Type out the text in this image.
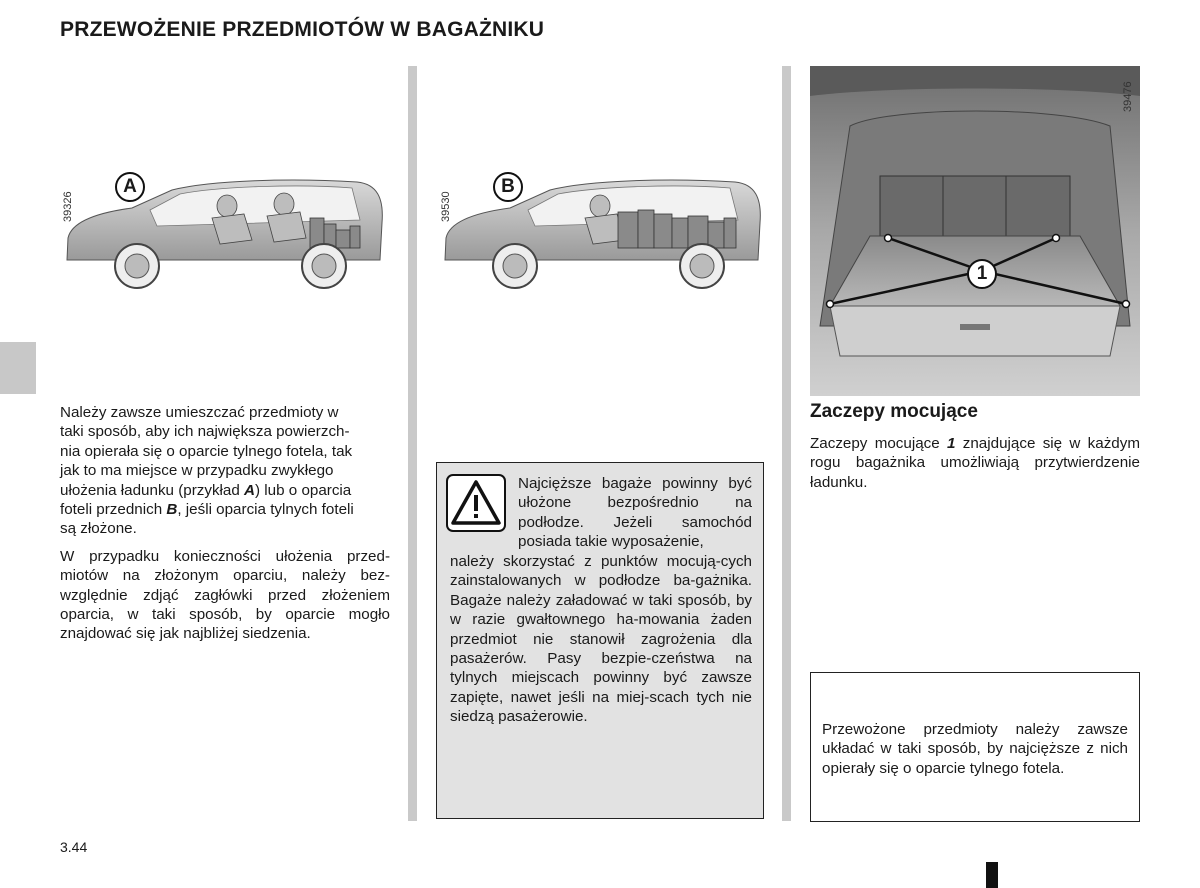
PRZEWOŻENIE PRZEDMIOTÓW W BAGAŻNIKU
39326
A
39530
B
1
39476

Należy zawsze umieszczać przedmioty w
taki sposób, aby ich największa powierzch-
nia opierała się o oparcie tylnego fotela, tak
jak to ma miejsce w przypadku zwykłego
ułożenia ładunku (przykład A) lub o oparcia
foteli przednich B, jeśli oparcia tylnych foteli
są złożone.

W przypadku konieczności ułożenia przed-miotów na złożonym oparciu, należy bez-względnie zdjąć zagłówki przed złożeniem oparcia, w taki sposób, by oparcie mogło znajdować się jak najbliżej siedzenia.

Najcięższe bagaże powinny być ułożone bezpośrednio na podłodze. Jeżeli samochód posiada takie wyposażenie,

należy skorzystać z punktów mocują-cych zainstalowanych w podłodze ba-gażnika. Bagaże należy załadować w taki sposób, by w razie gwałtownego ha-mowania żaden przedmiot nie stanowił zagrożenia dla pasażerów. Pasy bezpie-czeństwa na tylnych miejscach powinny być zawsze zapięte, nawet jeśli na miej-scach tych nie siedzą pasażerowie.

Zaczepy mocujące

Zaczepy mocujące 1 znajdujące się w każdym rogu bagażnika umożliwiają przytwierdzenie ładunku.

Przewożone przedmioty należy zawsze układać w taki sposób, by najcięższe z nich opierały się o oparcie tylnego fotela.

3.44
